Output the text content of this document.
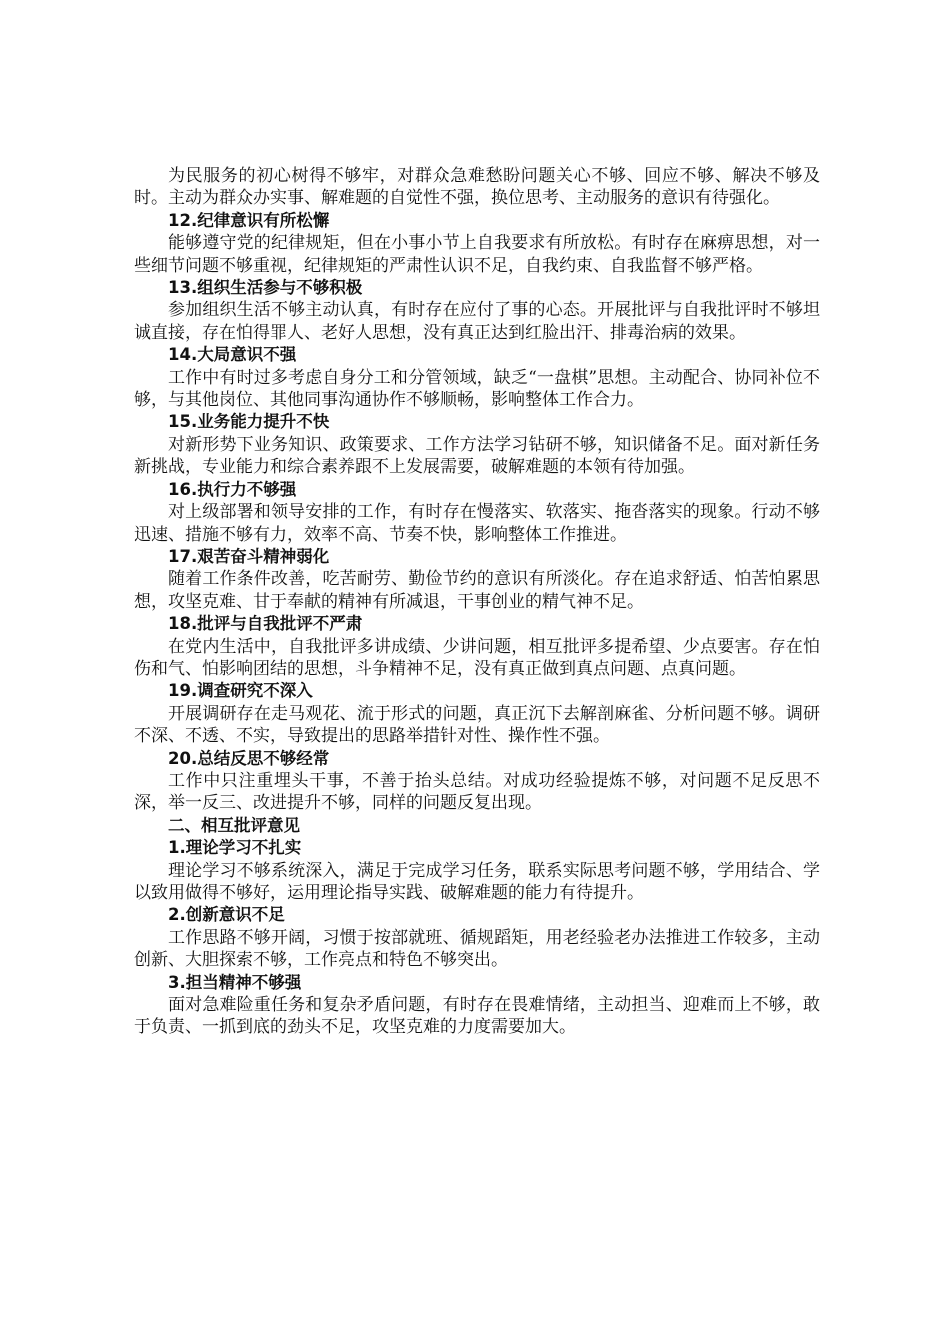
为民服务的初心树得不够牢，对群众急难愁盼问题关心不够、回应不够、解决不够及时。主动为群众办实事、解难题的自觉性不强，换位思考、主动服务的意识有待强化。

12.纪律意识有所松懈

能够遵守党的纪律规矩，但在小事小节上自我要求有所放松。有时存在麻痹思想，对一些细节问题不够重视，纪律规矩的严肃性认识不足，自我约束、自我监督不够严格。

13.组织生活参与不够积极

参加组织生活不够主动认真，有时存在应付了事的心态。开展批评与自我批评时不够坦诚直接，存在怕得罪人、老好人思想，没有真正达到红脸出汗、排毒治病的效果。

14.大局意识不强

工作中有时过多考虑自身分工和分管领域，缺乏“一盘棋”思想。主动配合、协同补位不够，与其他岗位、其他同事沟通协作不够顺畅，影响整体工作合力。

15.业务能力提升不快

对新形势下业务知识、政策要求、工作方法学习钻研不够，知识储备不足。面对新任务新挑战，专业能力和综合素养跟不上发展需要，破解难题的本领有待加强。

16.执行力不够强

对上级部署和领导安排的工作，有时存在慢落实、软落实、拖沓落实的现象。行动不够迅速、措施不够有力，效率不高、节奏不快，影响整体工作推进。

17.艰苦奋斗精神弱化

随着工作条件改善，吃苦耐劳、勤俭节约的意识有所淡化。存在追求舒适、怕苦怕累思想，攻坚克难、甘于奉献的精神有所减退，干事创业的精气神不足。

18.批评与自我批评不严肃

在党内生活中，自我批评多讲成绩、少讲问题，相互批评多提希望、少点要害。存在怕伤和气、怕影响团结的思想，斗争精神不足，没有真正做到真点问题、点真问题。

19.调查研究不深入

开展调研存在走马观花、流于形式的问题，真正沉下去解剖麻雀、分析问题不够。调研不深、不透、不实，导致提出的思路举措针对性、操作性不强。

20.总结反思不够经常

工作中只注重埋头干事，不善于抬头总结。对成功经验提炼不够，对问题不足反思不深，举一反三、改进提升不够，同样的问题反复出现。

二、相互批评意见

1.理论学习不扎实

理论学习不够系统深入，满足于完成学习任务，联系实际思考问题不够，学用结合、学以致用做得不够好，运用理论指导实践、破解难题的能力有待提升。

2.创新意识不足

工作思路不够开阔，习惯于按部就班、循规蹈矩，用老经验老办法推进工作较多，主动创新、大胆探索不够，工作亮点和特色不够突出。

3.担当精神不够强

面对急难险重任务和复杂矛盾问题，有时存在畏难情绪，主动担当、迎难而上不够，敢于负责、一抓到底的劲头不足，攻坚克难的力度需要加大。
